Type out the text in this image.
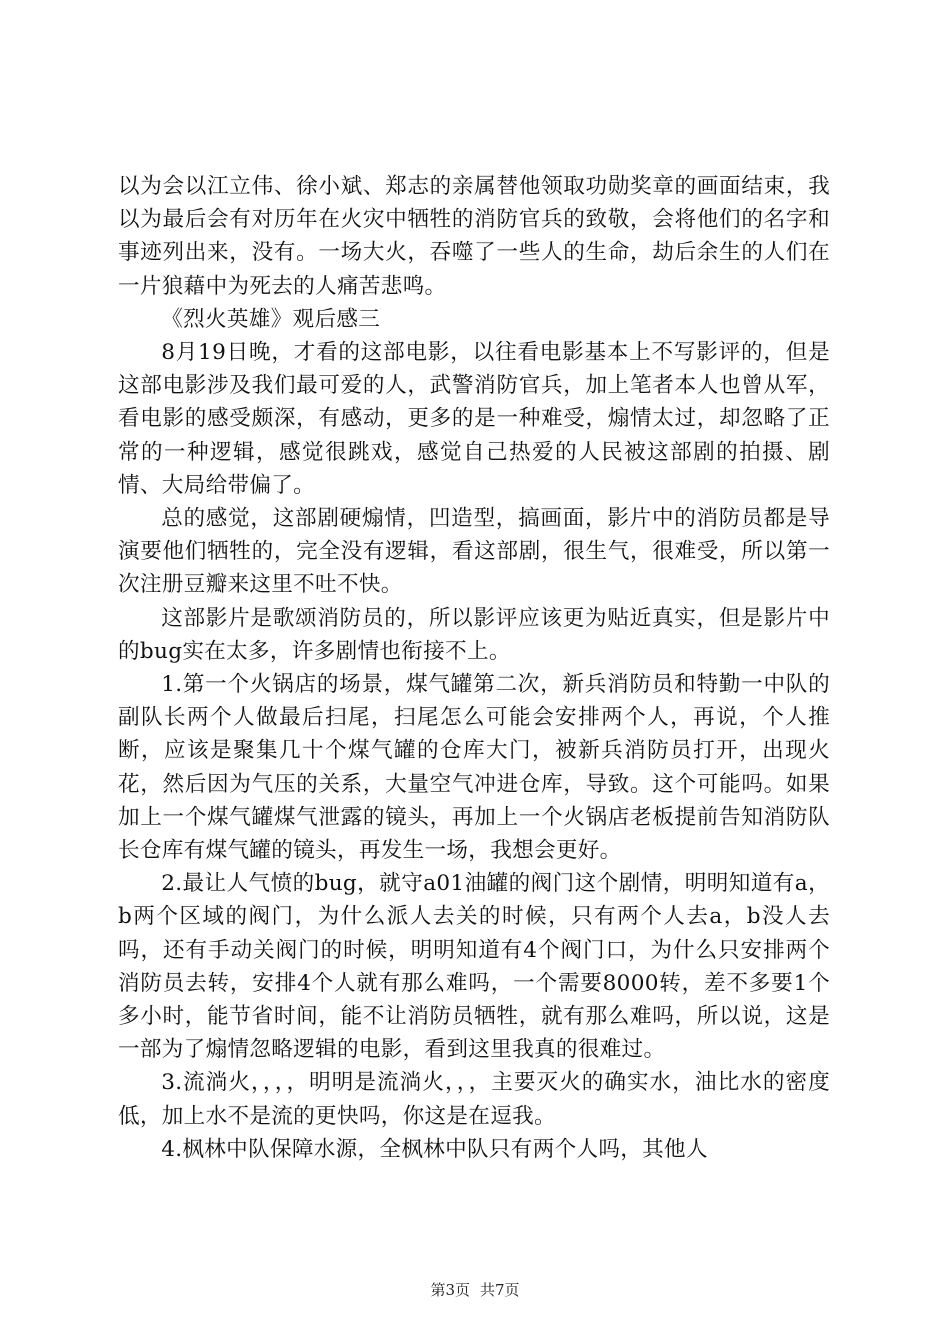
以为会以江立伟、徐小斌、郑志的亲属替他领取功勋奖章的画面结束，我以为最后会有对历年在火灾中牺牲的消防官兵的致敬，会将他们的名字和事迹列出来，没有。一场大火，吞噬了一些人的生命，劫后余生的人们在一片狼藉中为死去的人痛苦悲鸣。

《烈火英雄》观后感三

8月19日晚，才看的这部电影，以往看电影基本上不写影评的，但是这部电影涉及我们最可爱的人，武警消防官兵，加上笔者本人也曾从军，看电影的感受颇深，有感动，更多的是一种难受，煽情太过，却忽略了正常的一种逻辑，感觉很跳戏，感觉自己热爱的人民被这部剧的拍摄、剧情、大局给带偏了。

总的感觉，这部剧硬煽情，凹造型，搞画面，影片中的消防员都是导演要他们牺牲的，完全没有逻辑，看这部剧，很生气，很难受，所以第一次注册豆瓣来这里不吐不快。

这部影片是歌颂消防员的，所以影评应该更为贴近真实，但是影片中的bug实在太多，许多剧情也衔接不上。

1.第一个火锅店的场景，煤气罐第二次，新兵消防员和特勤一中队的副队长两个人做最后扫尾，扫尾怎么可能会安排两个人，再说，个人推断，应该是聚集几十个煤气罐的仓库大门，被新兵消防员打开，出现火花，然后因为气压的关系，大量空气冲进仓库，导致。这个可能吗。如果加上一个煤气罐煤气泄露的镜头，再加上一个火锅店老板提前告知消防队长仓库有煤气罐的镜头，再发生一场，我想会更好。

2.最让人气愤的bug，就守a01油罐的阀门这个剧情，明明知道有a，b两个区域的阀门，为什么派人去关的时候，只有两个人去a，b没人去吗，还有手动关阀门的时候，明明知道有4个阀门口，为什么只安排两个消防员去转，安排4个人就有那么难吗，一个需要8000转，差不多要1个多小时，能节省时间，能不让消防员牺牲，就有那么难吗，所以说，这是一部为了煽情忽略逻辑的电影，看到这里我真的很难过。

3.流淌火，，，，明明是流淌火，，，主要灭火的确实水，油比水的密度低，加上水不是流的更快吗，你这是在逗我。

4.枫林中队保障水源，全枫林中队只有两个人吗，其他人

第3页 共7页
